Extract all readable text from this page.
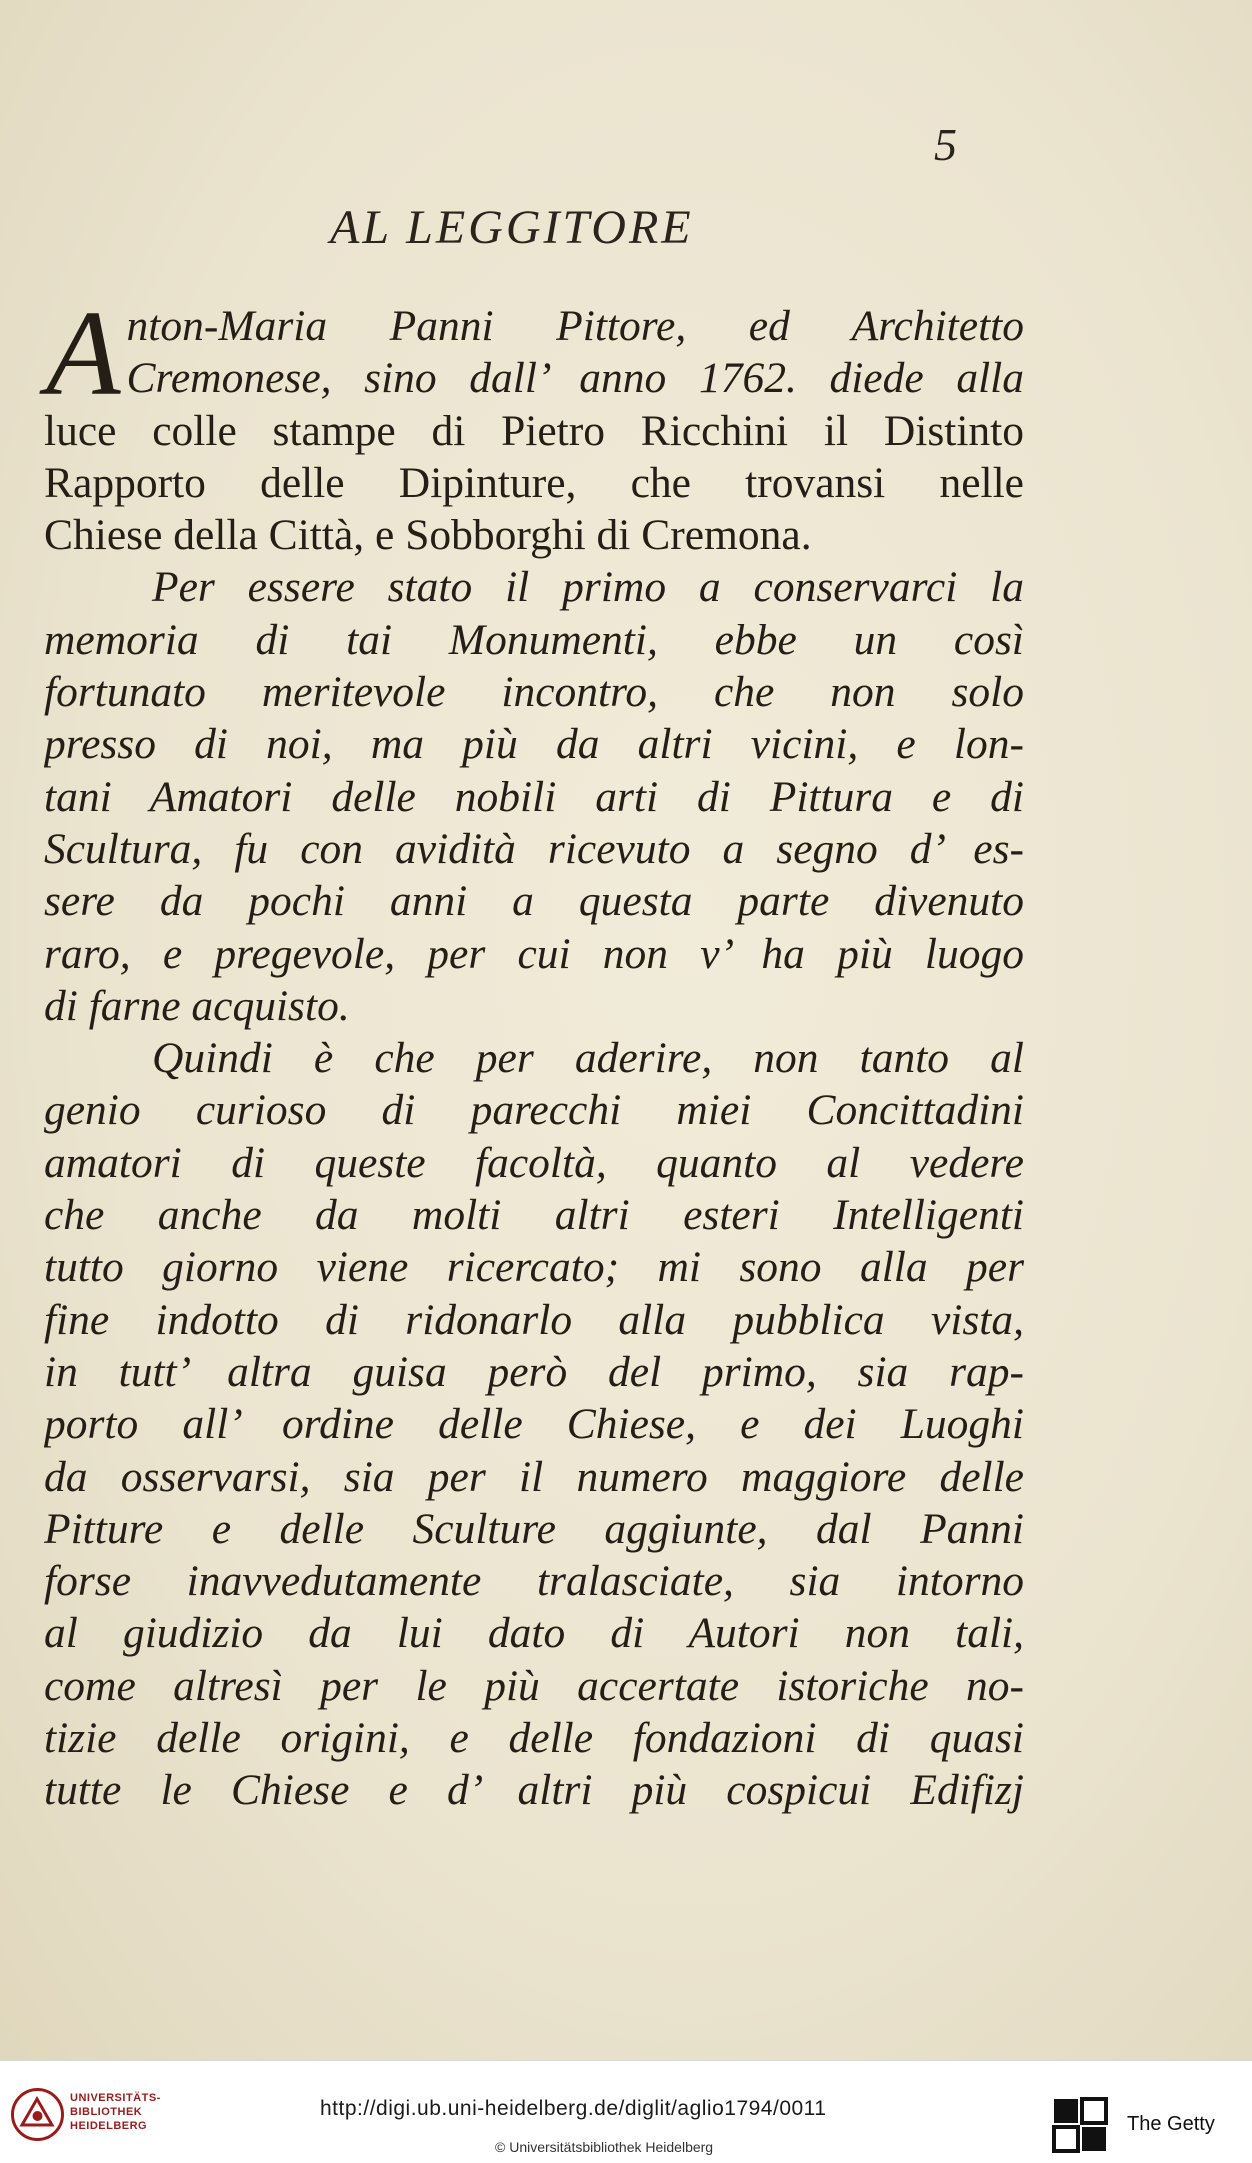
5
AL LEGGITORE
A nton-Maria Panni Pittore, ed Architetto
Cremonese, sino dall’ anno 1762. diede alla
luce colle stampe di Pietro Ricchini il Distinto
Rapporto delle Dipinture, che trovansi nelle
Chiese della Città, e Sobborghi di Cremona.
Per essere stato il primo a conservarci la
memoria di tai Monumenti, ebbe un così
fortunato meritevole incontro, che non solo
presso di noi, ma più da altri vicini, e lon-
tani Amatori delle nobili arti di Pittura e di
Scultura, fu con avidità ricevuto a segno d’ es-
sere da pochi anni a questa parte divenuto
raro, e pregevole, per cui non v’ ha più luogo
di farne acquisto.
Quindi è che per aderire, non tanto al
genio curioso di parecchi miei Concittadini
amatori di queste facoltà, quanto al vedere
che anche da molti altri esteri Intelligenti
tutto giorno viene ricercato; mi sono alla per
fine indotto di ridonarlo alla pubblica vista,
in tutt’ altra guisa però del primo, sia rap-
porto all’ ordine delle Chiese, e dei Luoghi
da osservarsi, sia per il numero maggiore delle
Pitture e delle Sculture aggiunte, dal Panni
forse inavvedutamente tralasciate, sia intorno
al giudizio da lui dato di Autori non tali,
come altresì per le più accertate istoriche no-
tizie delle origini, e delle fondazioni di quasi
tutte le Chiese e d’ altri più cospicui Edifizj
UNIVERSITÄTS-
BIBLIOTHEK
HEIDELBERG
http://digi.ub.uni-heidelberg.de/diglit/aglio1794/0011
© Universitätsbibliothek Heidelberg
The Getty
